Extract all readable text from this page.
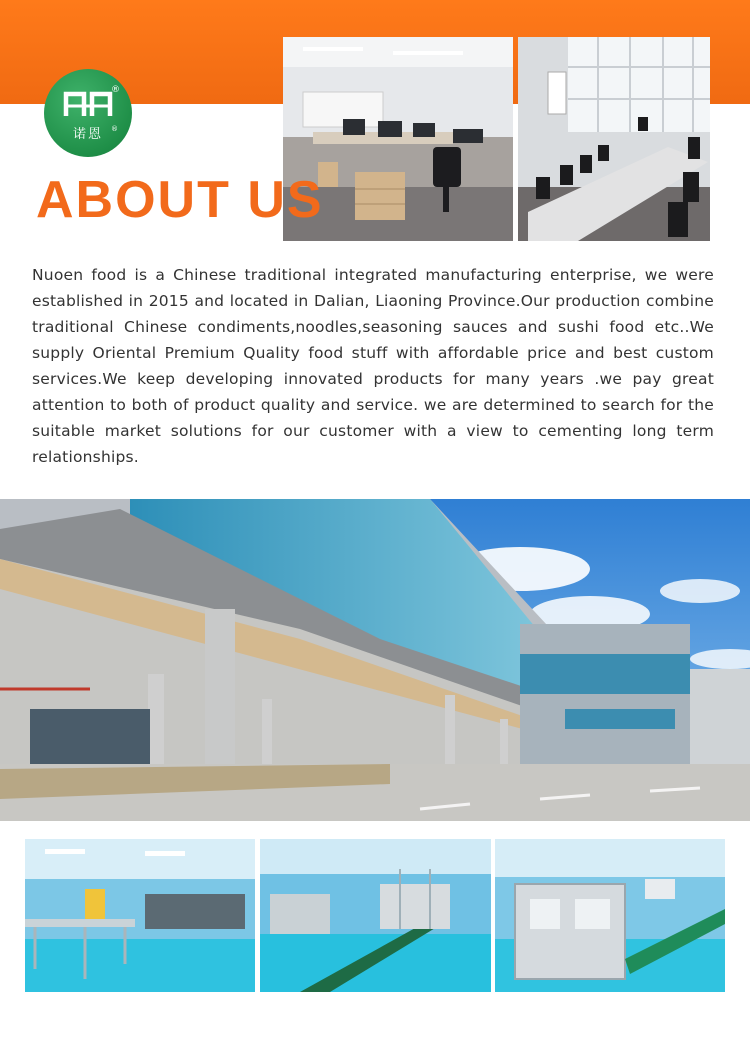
®
诺恩	®
ABOUT US

Nuoen food is a Chinese traditional integrated manufacturing enterprise, we were established in 2015 and located in Dalian, Liaoning Province.Our production combine traditional Chinese condiments,noodles,seasoning sauces and sushi food etc..We supply Oriental Premium Quality food stuff with affordable price and best custom services.We keep developing innovated products for many years .we pay great attention to both of product quality and service. we are determined to search for the suitable market solutions for our customer with a view to cementing long term relationships.
